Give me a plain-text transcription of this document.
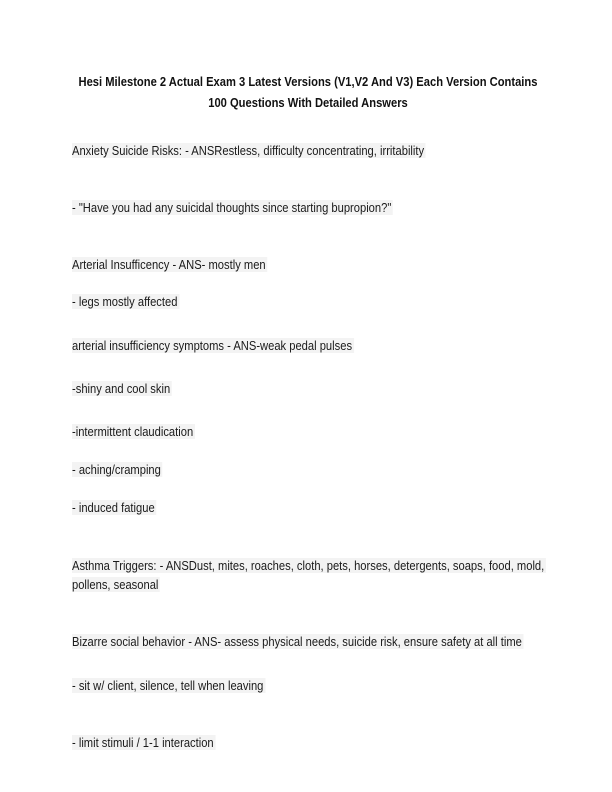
Hesi Milestone 2 Actual Exam 3 Latest Versions (V1,V2 And V3) Each Version Contains
100 Questions With Detailed Answers
Anxiety Suicide Risks: - ANSRestless, difficulty concentrating, irritability
- "Have you had any suicidal thoughts since starting bupropion?"
Arterial Insufficency - ANS- mostly men
- legs mostly affected
arterial insufficiency symptoms - ANS-weak pedal pulses
-shiny and cool skin
-intermittent claudication
- aching/cramping
- induced fatigue
Asthma Triggers: - ANSDust, mites, roaches, cloth, pets, horses, detergents, soaps, food, mold,
pollens, seasonal
Bizarre social behavior - ANS- assess physical needs, suicide risk, ensure safety at all time
- sit w/ client, silence, tell when leaving
- limit stimuli / 1-1 interaction
